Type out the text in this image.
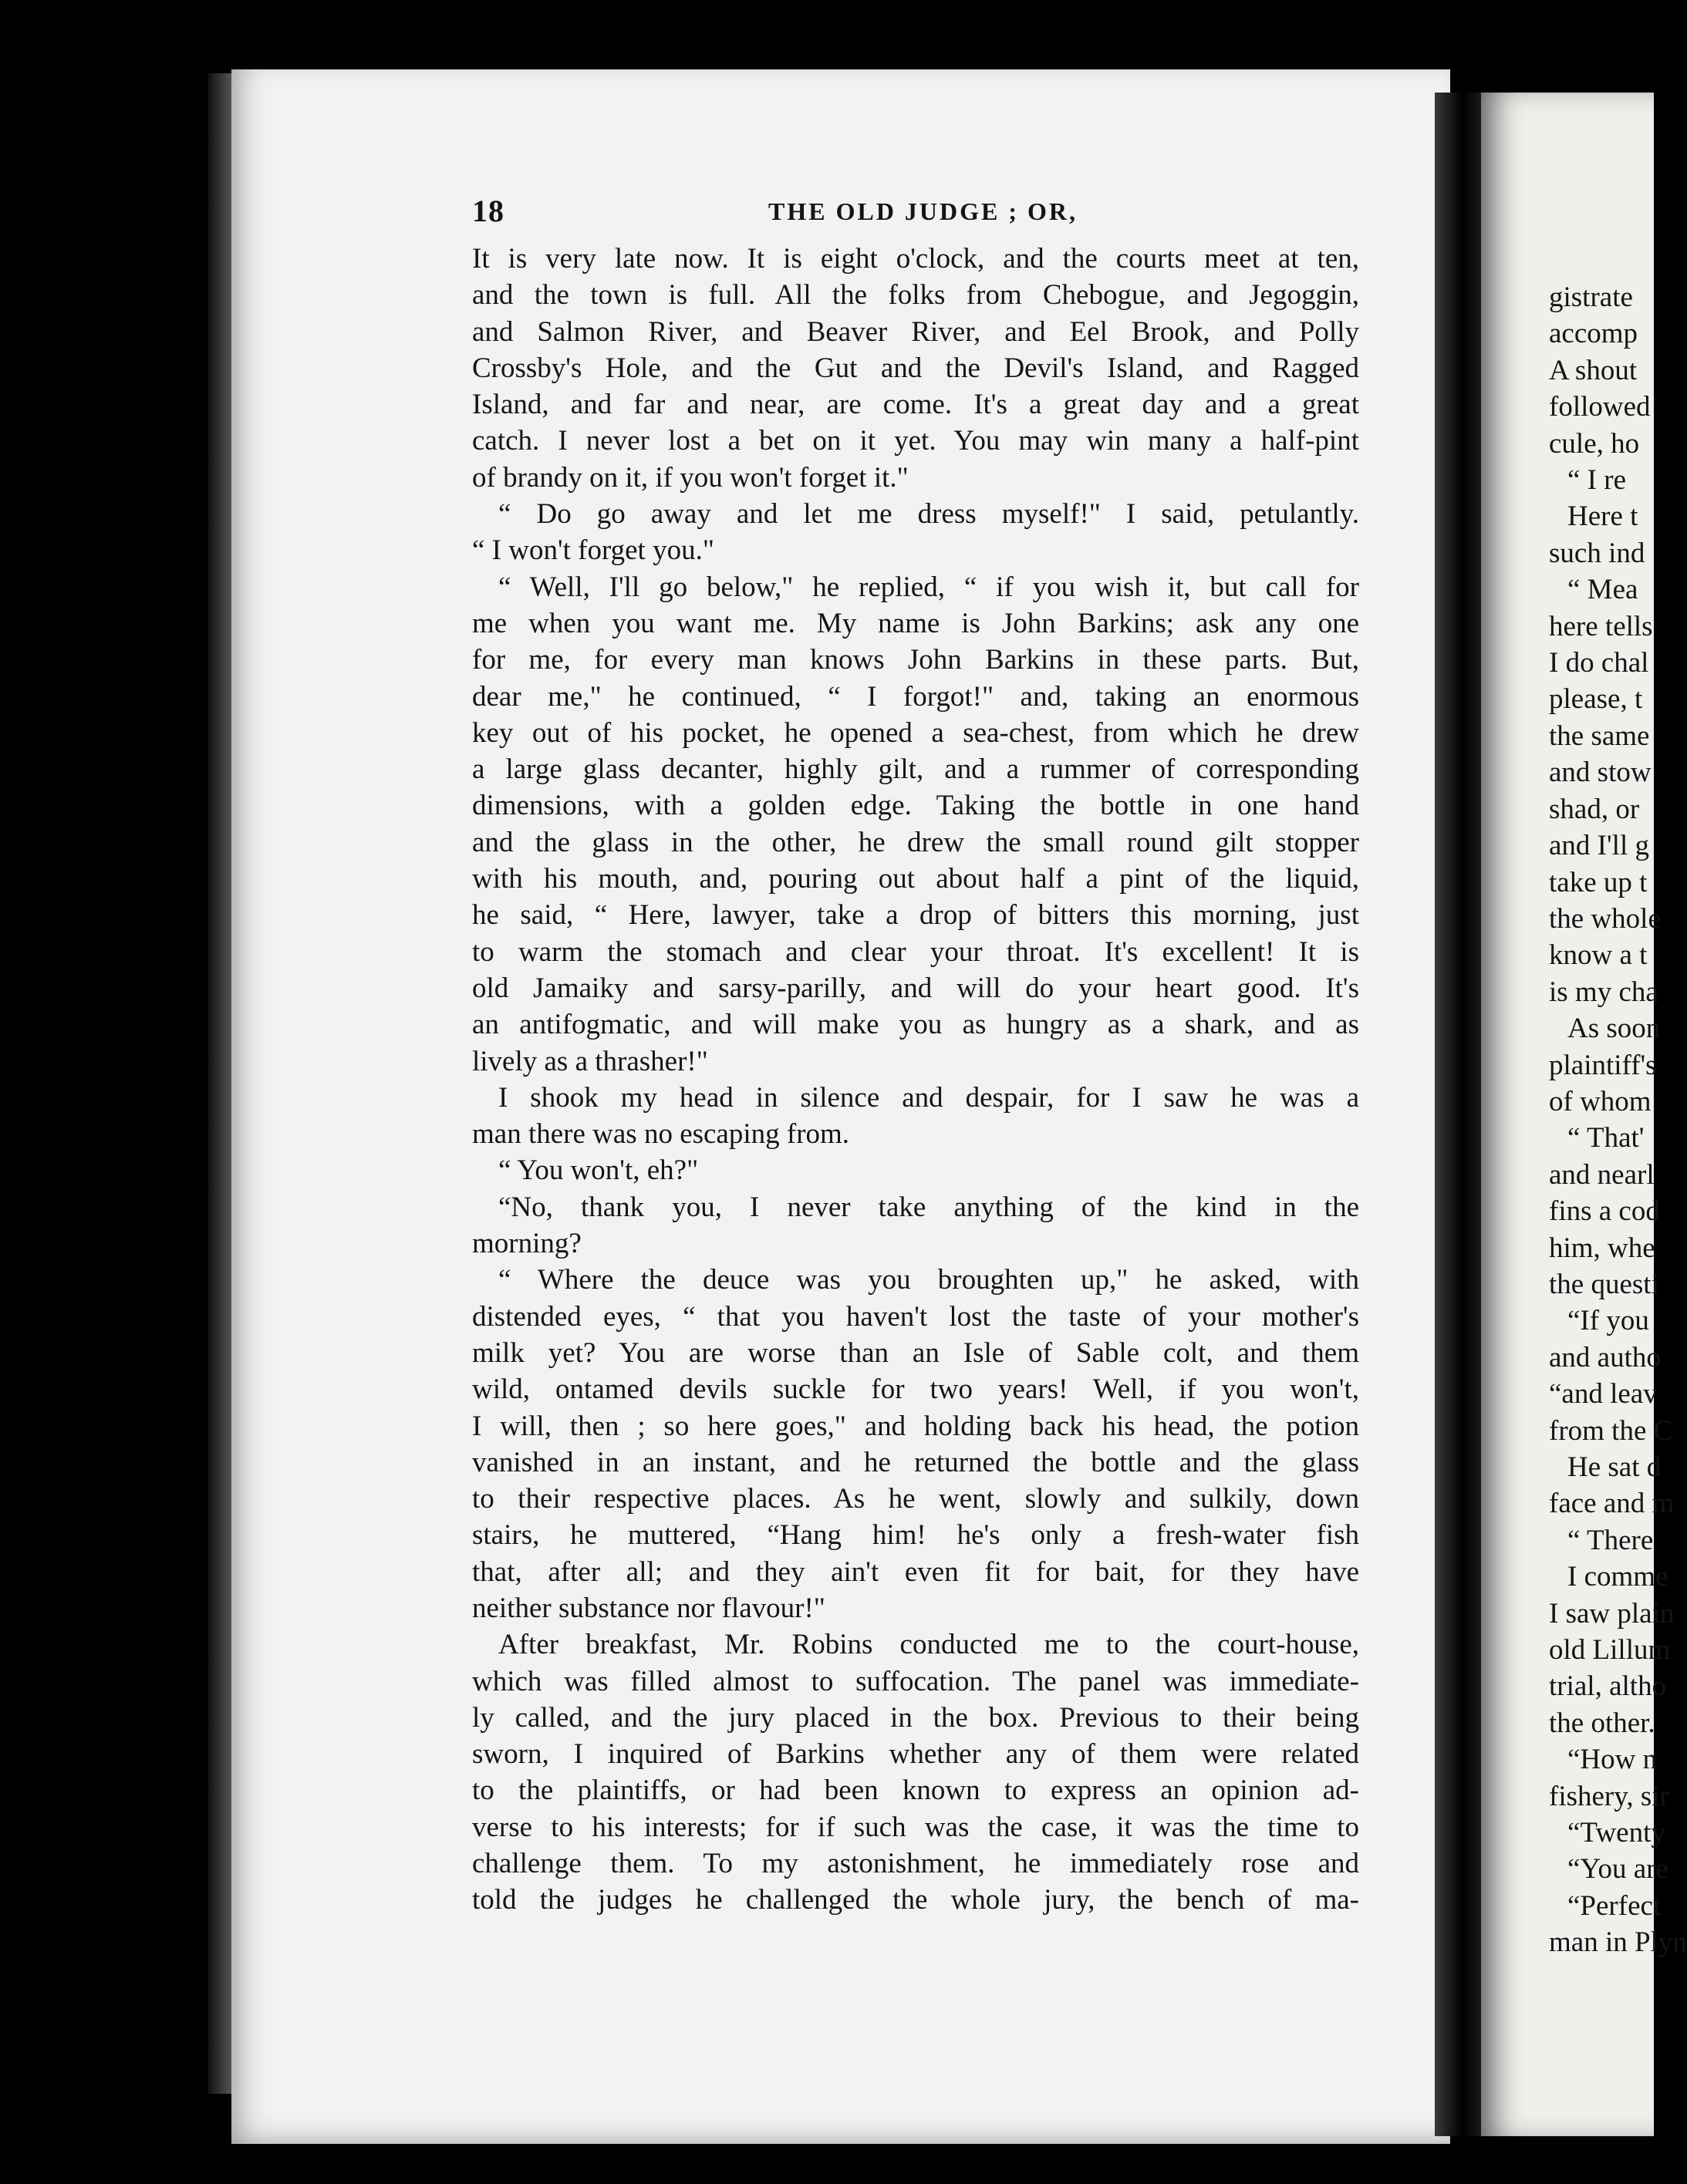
18	THE OLD JUDGE ; OR,
It is very late now. It is eight o'clock, and the courts meet at ten,
and the town is full. All the folks from Chebogue, and Jegoggin,
and Salmon River, and Beaver River, and Eel Brook, and Polly
Crossby's Hole, and the Gut and the Devil's Island, and Ragged
Island, and far and near, are come. It's a great day and a great
catch. I never lost a bet on it yet. You may win many a half-pint
of brandy on it, if you won't forget it."
“ Do go away and let me dress myself!" I said, petulantly.
“ I won't forget you."
“ Well, I'll go below," he replied, “ if you wish it, but call for
me when you want me. My name is John Barkins; ask any one
for me, for every man knows John Barkins in these parts. But,
dear me," he continued, “ I forgot!" and, taking an enormous
key out of his pocket, he opened a sea-chest, from which he drew
a large glass decanter, highly gilt, and a rummer of corresponding
dimensions, with a golden edge. Taking the bottle in one hand
and the glass in the other, he drew the small round gilt stopper
with his mouth, and, pouring out about half a pint of the liquid,
he said, “ Here, lawyer, take a drop of bitters this morning, just
to warm the stomach and clear your throat. It's excellent! It is
old Jamaiky and sarsy-parilly, and will do your heart good. It's
an antifogmatic, and will make you as hungry as a shark, and as
lively as a thrasher!"
I shook my head in silence and despair, for I saw he was a
man there was no escaping from.
“ You won't, eh?"
“No, thank you, I never take anything of the kind in the
morning?
“ Where the deuce was you broughten up," he asked, with
distended eyes, “ that you haven't lost the taste of your mother's
milk yet? You are worse than an Isle of Sable colt, and them
wild, ontamed devils suckle for two years! Well, if you won't,
I will, then ; so here goes," and holding back his head, the potion
vanished in an instant, and he returned the bottle and the glass
to their respective places. As he went, slowly and sulkily, down
stairs, he muttered, “Hang him! he's only a fresh-water fish
that, after all; and they ain't even fit for bait, for they have
neither substance nor flavour!"
After breakfast, Mr. Robins conducted me to the court-house,
which was filled almost to suffocation. The panel was immediate-
ly called, and the jury placed in the box. Previous to their being
sworn, I inquired of Barkins whether any of them were related
to the plaintiffs, or had been known to express an opinion ad-
verse to his interests; for if such was the case, it was the time to
challenge them. To my astonishment, he immediately rose and
told the judges he challenged the whole jury, the bench of ma-
gistrate
accomp
A shout
followed
cule, ho
“ I re
Here t
such ind
“ Mea
here tells
I do chal
please, t
the same
and stow
shad, or
and I'll g
take up t
the whole
know a t
is my cha
As soon
plaintiff's
of whom
“ That'
and nearl
fins a cod
him, whe
the questi
“If you
and autho
“and leav
from the C
He sat d
face and m
“ There
I comme
I saw plain
old Lillum
trial, altho
the other.
“How n
fishery, sir
“Twenty
“You are
“Perfect
man in Plyn
